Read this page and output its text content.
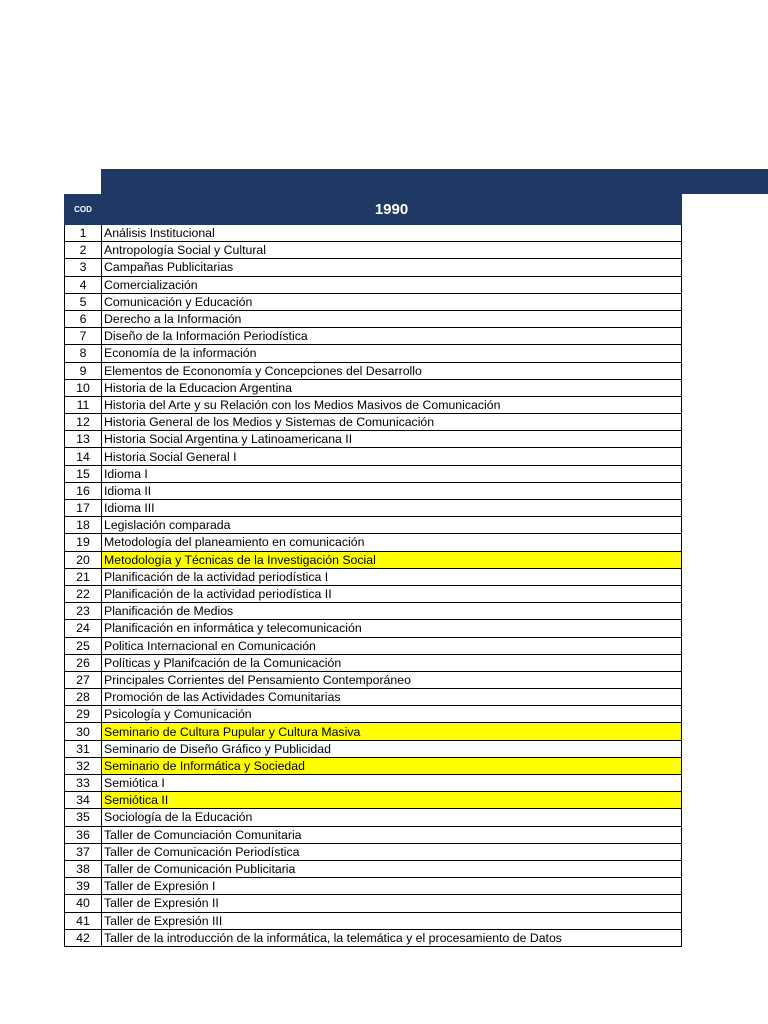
COD	1990
1	Análisis Institucional
2	Antropología Social y Cultural
3	Campañas Publicitarias
4	Comercialización
5	Comunicación y Educación
6	Derecho a la Información
7	Diseño de la Información Periodística
8	Economía de la información
9	Elementos de Econonomía y Concepciones del Desarrollo
10	Historia de la Educacion Argentina
11	Historia del Arte y su Relación con los Medios Masivos de Comunicación
12	Historia General de los Medios y Sistemas de Comunicación
13	Historia Social Argentina y Latinoamericana II
14	Historia Social General I
15	Idioma I
16	Idioma II
17	Idioma III
18	Legislación comparada
19	Metodología del planeamiento en comunicación
20	Metodología y Técnicas de la Investigación Social
21	Planificación de la actividad periodística I
22	Planificación de la actividad periodística II
23	Planificación de Medios
24	Planificación en informática y telecomunicación
25	Politica Internacional en Comunicación
26	Políticas y Planifcación de la Comunicación
27	Principales Corrientes del Pensamiento Contemporáneo
28	Promoción de las Actividades Comunitarias
29	Psicología y Comunicación
30	Seminario de Cultura Pupular y Cultura Masiva
31	Seminario de Diseño Gráfico y Publicidad
32	Seminario de Informática y Sociedad
33	Semiótica I
34	Semiótica II
35	Sociología de la Educación
36	Taller de Comunciación Comunitaria
37	Taller de Comunicación Periodística
38	Taller de Comunicación Publicitaria
39	Taller de Expresión I
40	Taller de Expresión II
41	Taller de Expresión III
42	Taller de la introducción de la informática, la telemática y el procesamiento de Datos
